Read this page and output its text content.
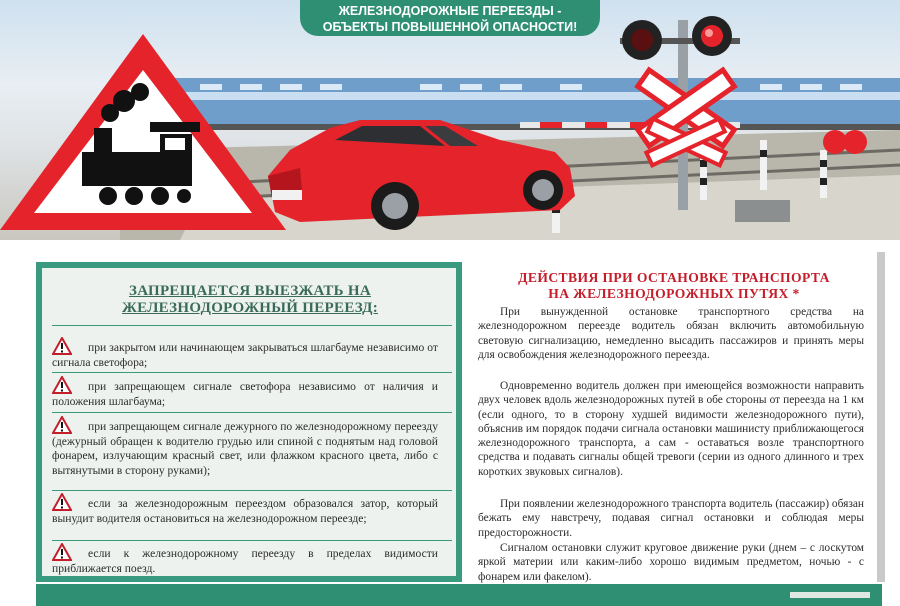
ЖЕЛЕЗНОДОРОЖНЫЕ ПЕРЕЕЗДЫ -
ОБЪЕКТЫ ПОВЫШЕННОЙ ОПАСНОСТИ!
ЗАПРЕЩАЕТСЯ ВЫЕЗЖАТЬ НА
ЖЕЛЕЗНОДОРОЖНЫЙ ПЕРЕЕЗД:
при закрытом или начинающем закрываться шлагбауме независимо от сигнала светофора;
при запрещающем сигнале светофора независимо от наличия и положения шлагбаума;
при запрещающем сигнале дежурного по железнодорожному переезду (дежурный обращен к водителю грудью или спиной с поднятым над головой фонарем, излучающим красный свет, или флажком красного цвета, либо с вытянутыми в сторону руками);
если за железнодорожным переездом образовался затор, который вынудит водителя остановиться на железнодорожном переезде;
если к железнодорожному переезду в пределах видимости приближается поезд.
ДЕЙСТВИЯ ПРИ ОСТАНОВКЕ ТРАНСПОРТА
НА ЖЕЛЕЗНОДОРОЖНЫХ ПУТЯХ *
При вынужденной остановке транспортного средства на железнодорожном переезде водитель обязан включить автомобильную световую сигнализацию, немедленно высадить пассажиров и принять меры для освобождения железнодорожного переезда.
Одновременно водитель должен при имеющейся возможности направить двух человек вдоль железнодорожных путей в обе стороны от переезда на 1 км (если одного, то в сторону худшей видимости железнодорожного пути), объяснив им порядок подачи сигнала остановки машинисту приближающегося железнодорожного транспорта, а сам - оставаться возле транспортного средства и подавать сигналы общей тревоги (серии из одного длинного и трех коротких звуковых сигналов).
При появлении железнодорожного транспорта водитель (пассажир) обязан бежать ему навстречу, подавая сигнал остановки и соблюдая меры предосторожности.
Сигналом остановки служит круговое движение руки (днем – с лоскутом яркой материи или каким-либо хорошо видимым предметом, ночью - с фонарем или факелом).
